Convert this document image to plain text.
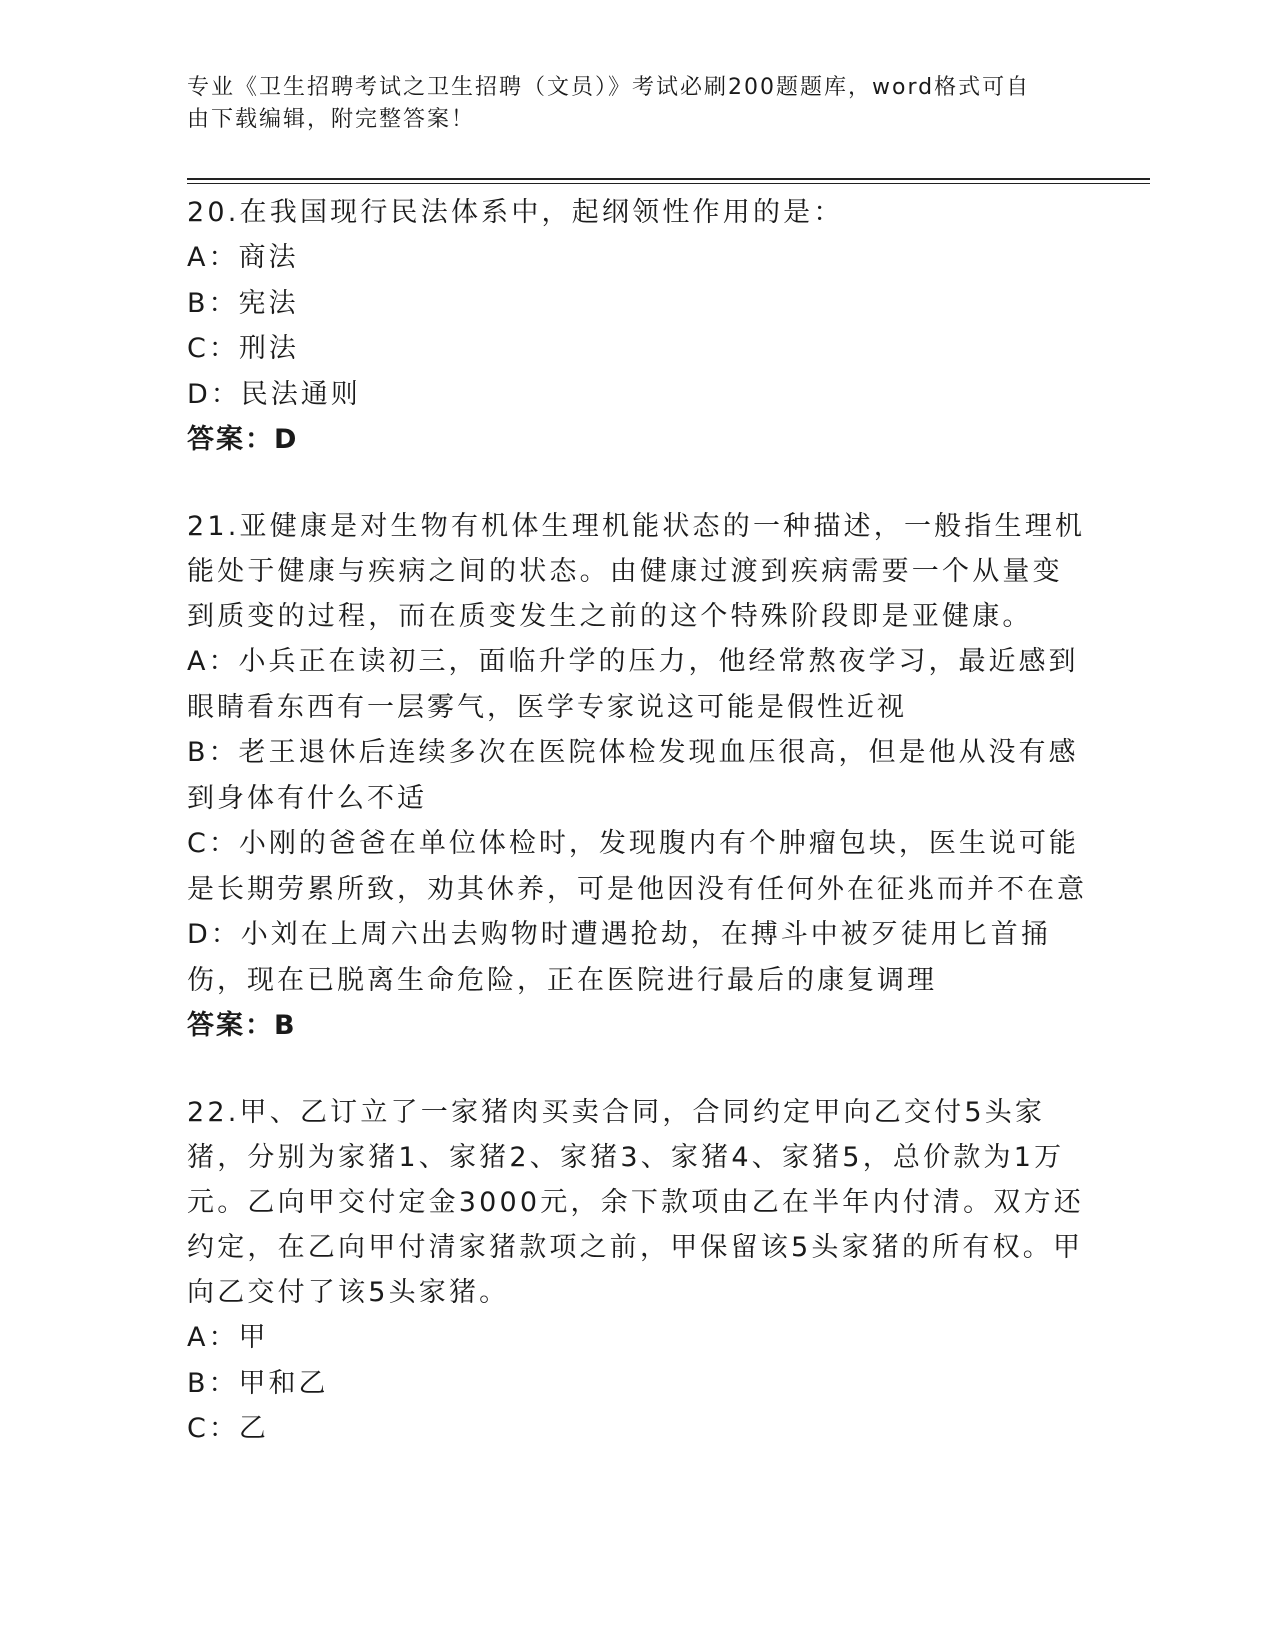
专业《卫生招聘考试之卫生招聘（文员）》考试必刷200题题库，word格式可自
由下载编辑，附完整答案！
20.在我国现行民法体系中，起纲领性作用的是：
A：商法
B：宪法
C：刑法
D：民法通则
答案：D
21.亚健康是对生物有机体生理机能状态的一种描述，一般指生理机能处于健康与疾病之间的状态。由健康过渡到疾病需要一个从量变到质变的过程，而在质变发生之前的这个特殊阶段即是亚健康。
A：小兵正在读初三，面临升学的压力，他经常熬夜学习，最近感到眼睛看东西有一层雾气，医学专家说这可能是假性近视
B：老王退休后连续多次在医院体检发现血压很高，但是他从没有感到身体有什么不适
C：小刚的爸爸在单位体检时，发现腹内有个肿瘤包块，医生说可能是长期劳累所致，劝其休养，可是他因没有任何外在征兆而并不在意
D：小刘在上周六出去购物时遭遇抢劫，在搏斗中被歹徒用匕首捅伤，现在已脱离生命危险，正在医院进行最后的康复调理
答案：B
22.甲、乙订立了一家猪肉买卖合同，合同约定甲向乙交付5头家猪，分别为家猪1、家猪2、家猪3、家猪4、家猪5，总价款为1万元。乙向甲交付定金3000元，余下款项由乙在半年内付清。双方还约定，在乙向甲付清家猪款项之前，甲保留该5头家猪的所有权。甲向乙交付了该5头家猪。
A：甲
B：甲和乙
C：乙
